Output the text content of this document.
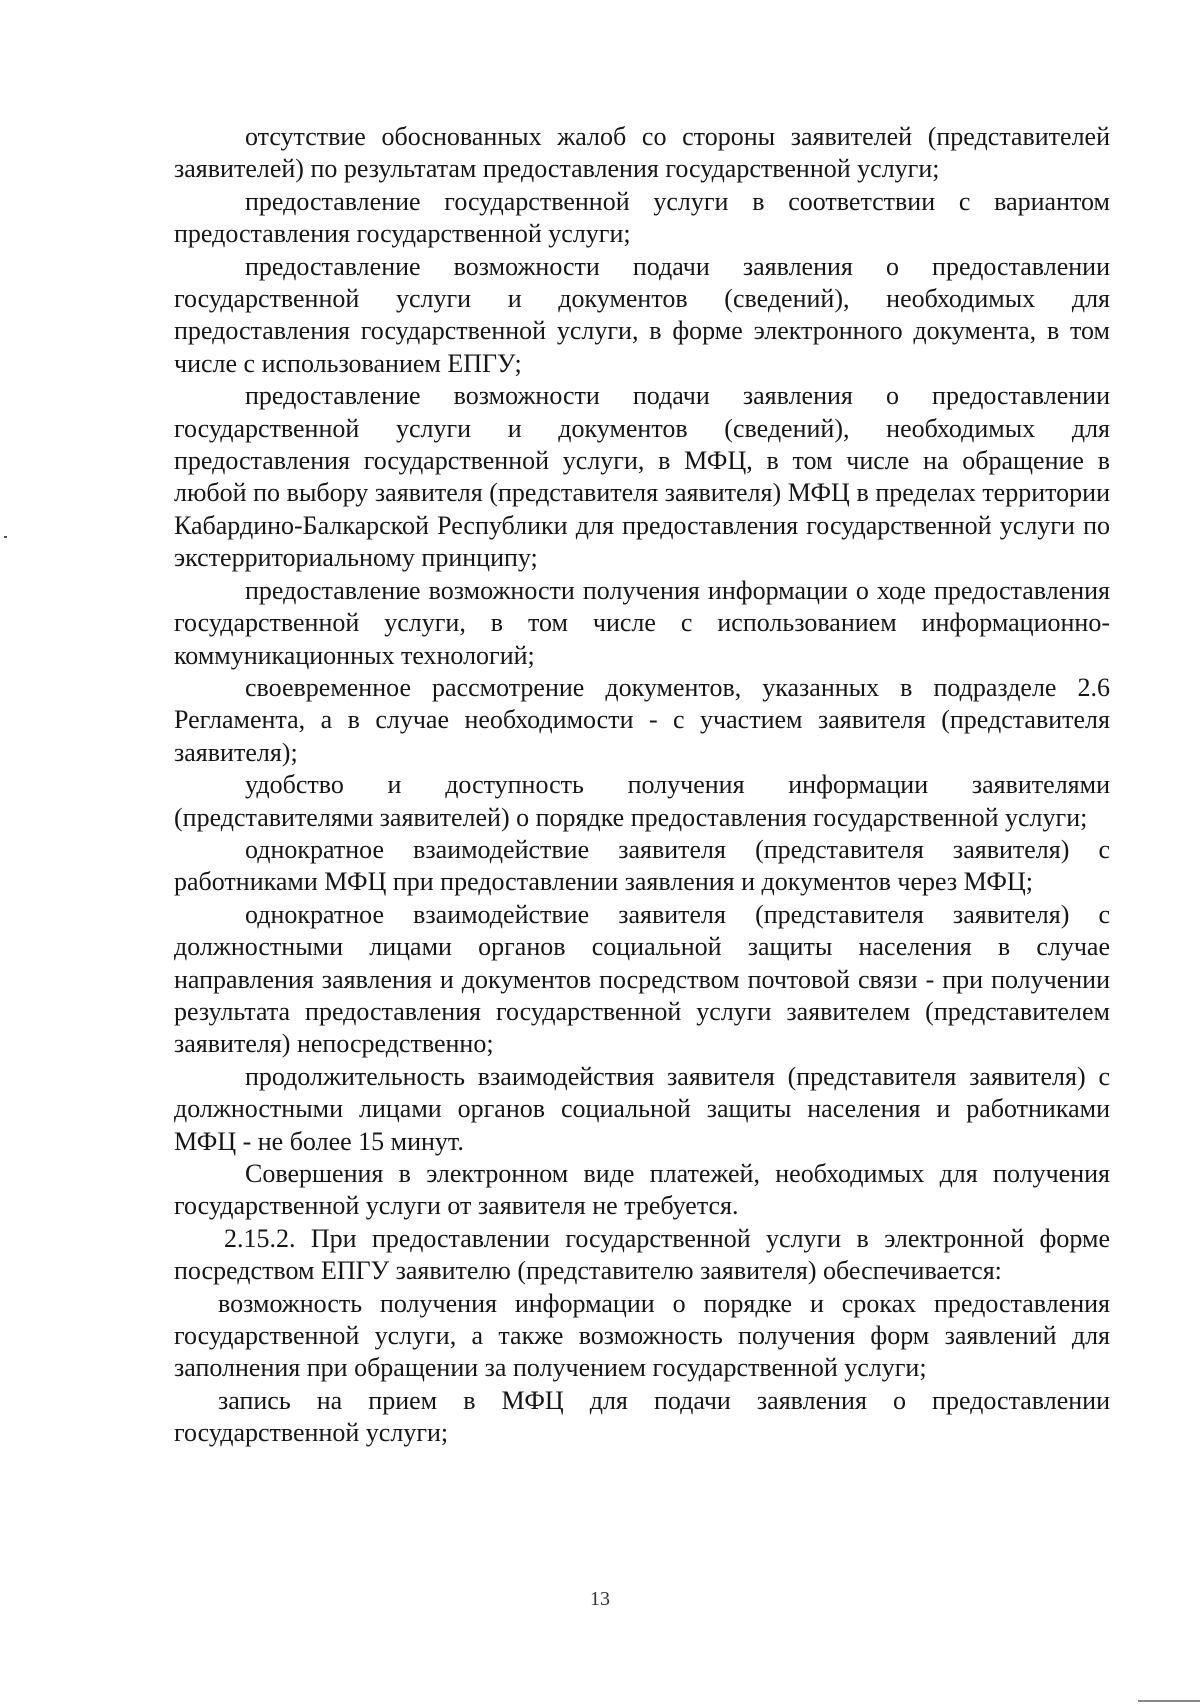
отсутствие обоснованных жалоб со стороны заявителей (представителей заявителей) по результатам предоставления государственной услуги;

предоставление государственной услуги в соответствии с вариантом предоставления государственной услуги;

предоставление возможности подачи заявления о предоставлении государственной услуги и документов (сведений), необходимых для предоставления государственной услуги, в форме электронного документа, в том числе с использованием ЕПГУ;

предоставление возможности подачи заявления о предоставлении государственной услуги и документов (сведений), необходимых для предоставления государственной услуги, в МФЦ, в том числе на обращение в любой по выбору заявителя (представителя заявителя) МФЦ в пределах территории Кабардино-Балкарской Республики для предоставления государственной услуги по экстерриториальному принципу;

предоставление возможности получения информации о ходе предоставления государственной услуги, в том числе с использованием информационно-коммуникационных технологий;

своевременное рассмотрение документов, указанных в подразделе 2.6 Регламента, а в случае необходимости - с участием заявителя (представителя заявителя);

удобство и доступность получения информации заявителями (представителями заявителей) о порядке предоставления государственной услуги;

однократное взаимодействие заявителя (представителя заявителя) с работниками МФЦ при предоставлении заявления и документов через МФЦ;

однократное взаимодействие заявителя (представителя заявителя) с должностными лицами органов социальной защиты населения в случае направления заявления и документов посредством почтовой связи - при получении результата предоставления государственной услуги заявителем (представителем заявителя) непосредственно;

продолжительность взаимодействия заявителя (представителя заявителя) с должностными лицами органов социальной защиты населения и работниками МФЦ - не более 15 минут.

Совершения в электронном виде платежей, необходимых для получения государственной услуги от заявителя не требуется.

2.15.2. При предоставлении государственной услуги в электронной форме посредством ЕПГУ заявителю (представителю заявителя) обеспечивается:

возможность получения информации о порядке и сроках предоставления государственной услуги, а также возможность получения форм заявлений для заполнения при обращении за получением государственной услуги;

запись на прием в МФЦ для подачи заявления о предоставлении государственной услуги;

13
